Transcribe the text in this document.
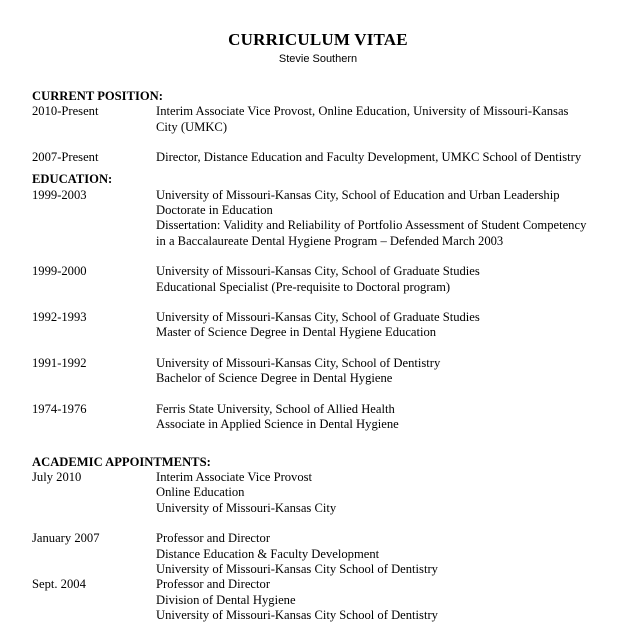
CURRICULUM VITAE
Stevie Southern
CURRENT POSITION:
2010-Present	Interim Associate Vice Provost, Online Education, University of Missouri-Kansas
City (UMKC)
2007-Present	Director, Distance Education and Faculty Development, UMKC School of Dentistry
EDUCATION:
1999-2003	University of Missouri-Kansas City, School of Education and Urban Leadership
Doctorate in Education
Dissertation: Validity and Reliability of Portfolio Assessment of Student Competency
in a Baccalaureate Dental Hygiene Program – Defended March 2003
1999-2000	University of Missouri-Kansas City, School of Graduate Studies
Educational Specialist (Pre-requisite to Doctoral program)
1992-1993	University of Missouri-Kansas City, School of Graduate Studies
Master of Science Degree in Dental Hygiene Education
1991-1992	University of Missouri-Kansas City, School of Dentistry
Bachelor of Science Degree in Dental Hygiene
1974-1976	Ferris State University, School of Allied Health
Associate in Applied Science in Dental Hygiene
ACADEMIC APPOINTMENTS:
July 2010	Interim Associate Vice Provost
Online Education
University of Missouri-Kansas City
January 2007	Professor and Director
Distance Education & Faculty Development
University of Missouri-Kansas City School of Dentistry
Sept. 2004	Professor and Director
Division of Dental Hygiene
University of Missouri-Kansas City School of Dentistry
